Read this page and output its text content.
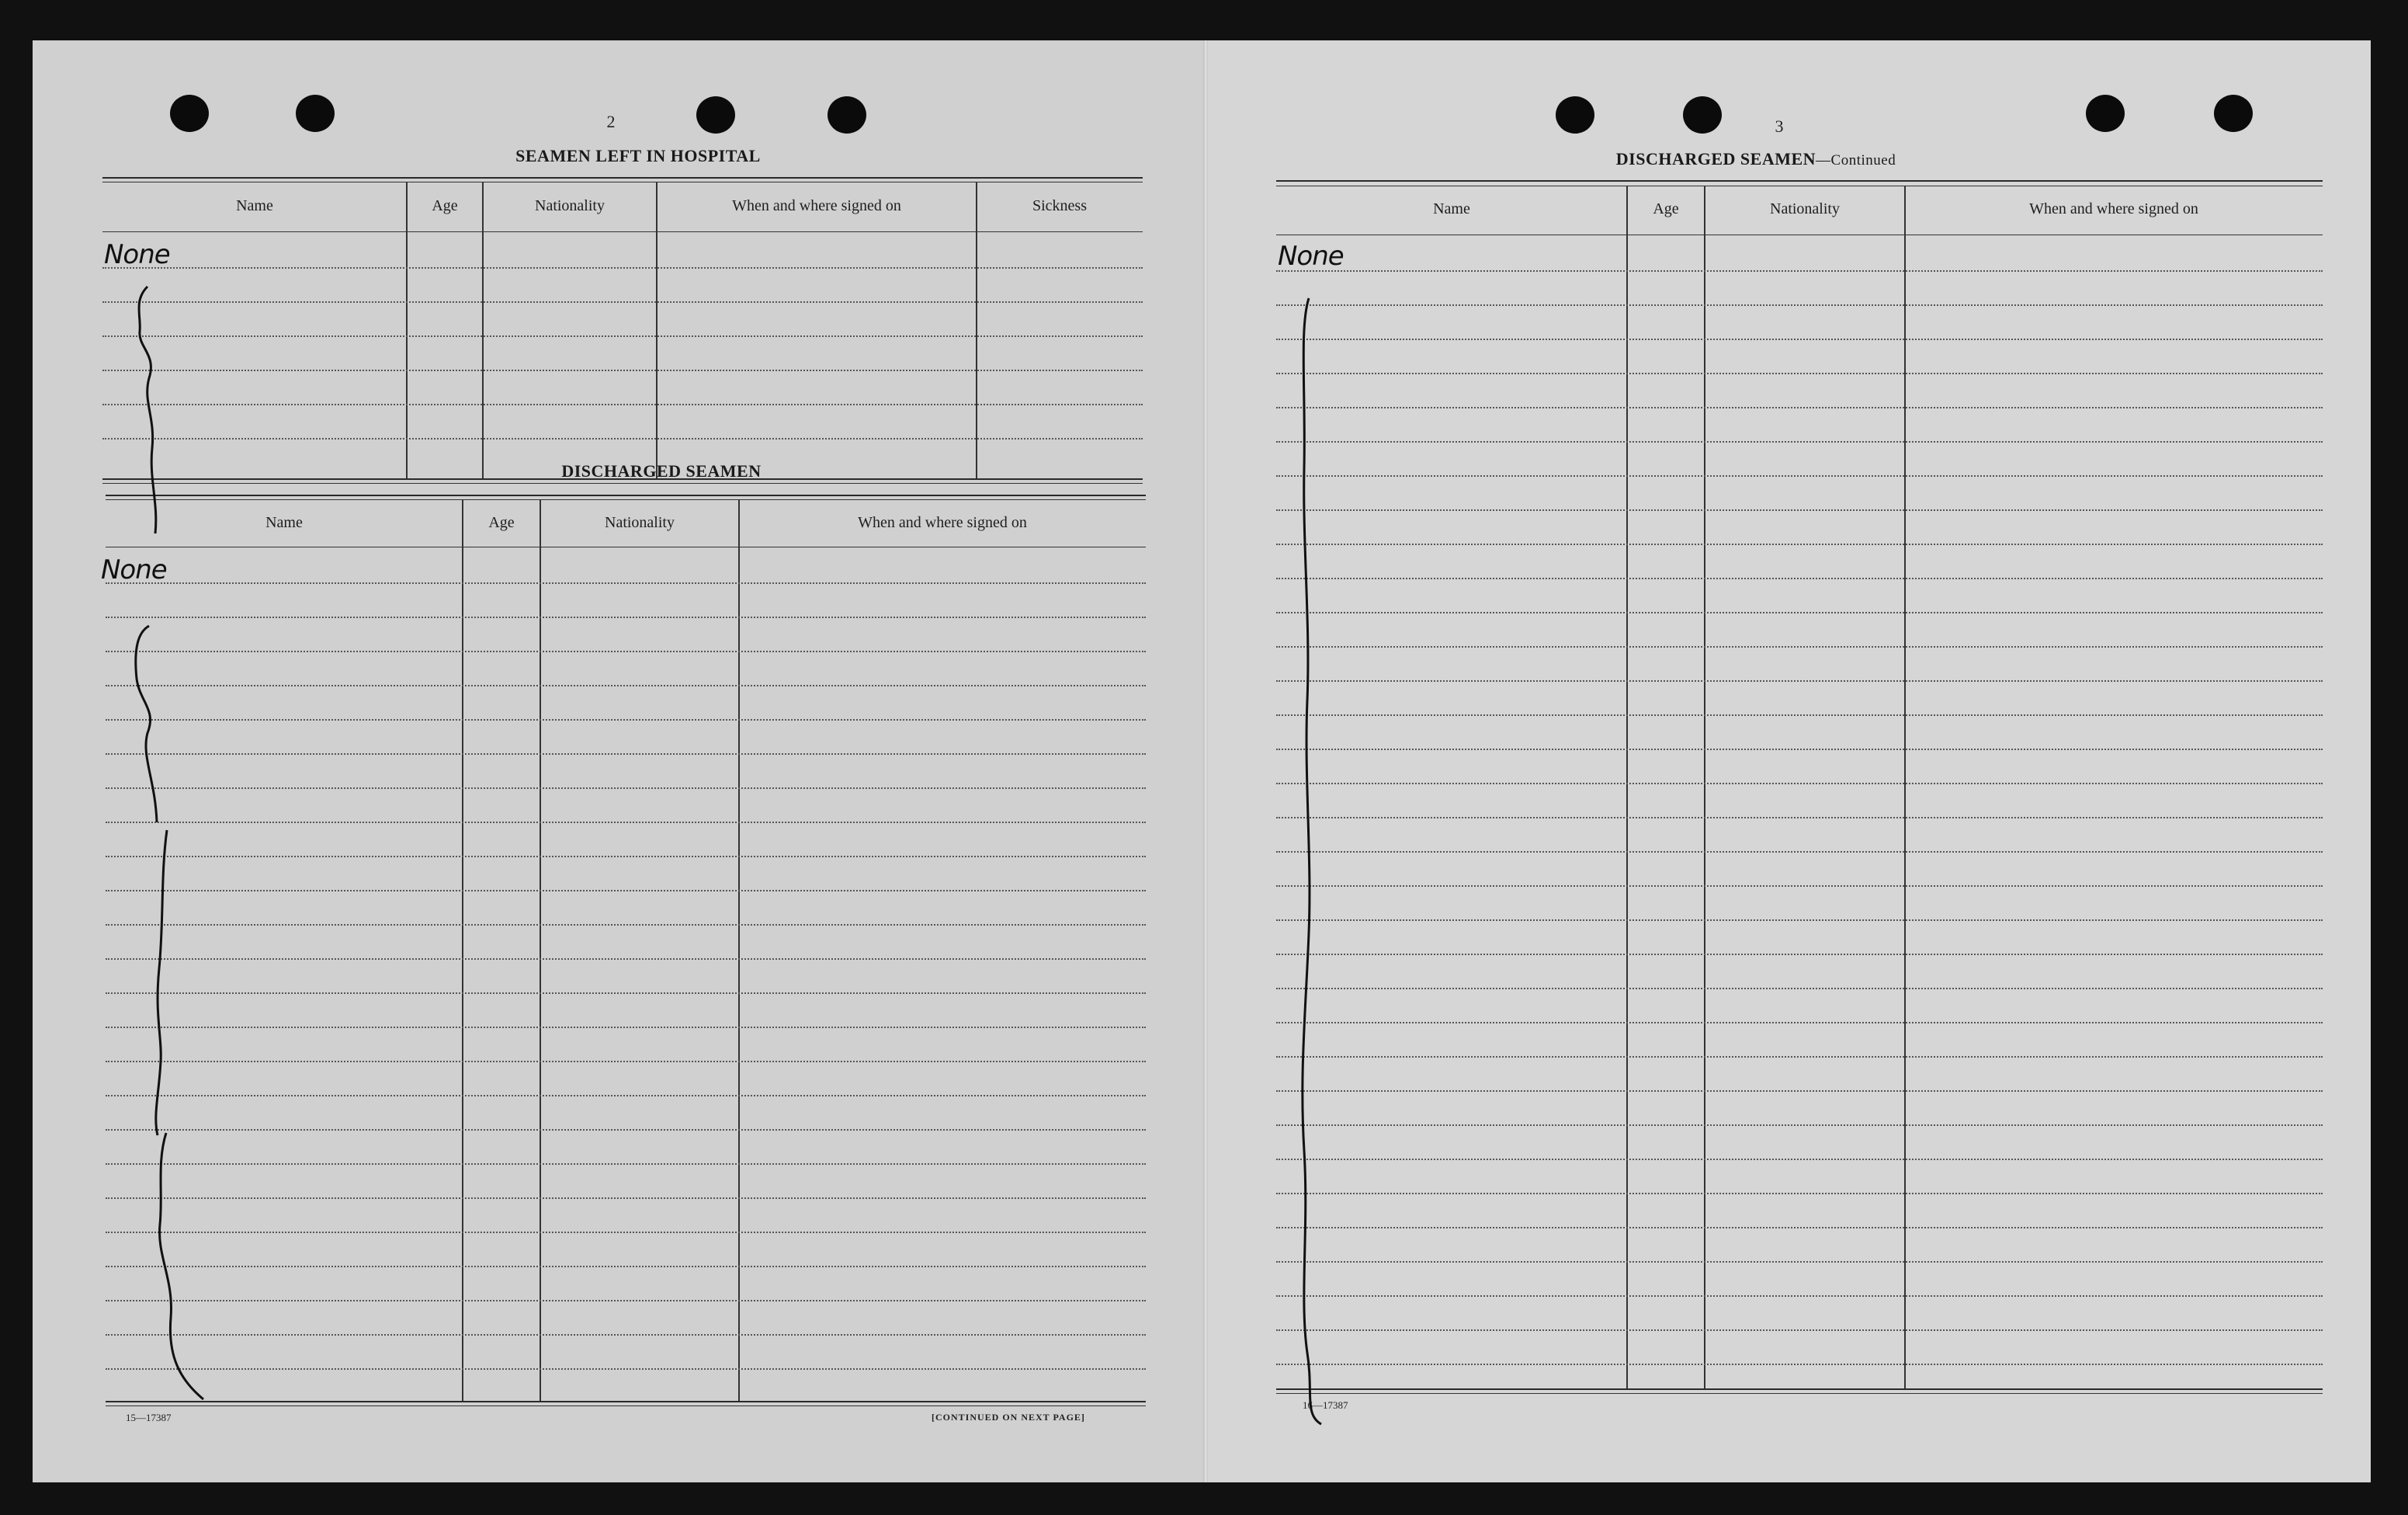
2
SEAMEN LEFT IN HOSPITAL
Name	Age	Nationality	When and where signed on	Sickness
None
DISCHARGED SEAMEN
Name	Age	Nationality	When and where signed on
None
15—17387	[CONTINUED ON NEXT PAGE]
3
DISCHARGED SEAMEN—Continued
Name	Age	Nationality	When and where signed on
None
16—17387
